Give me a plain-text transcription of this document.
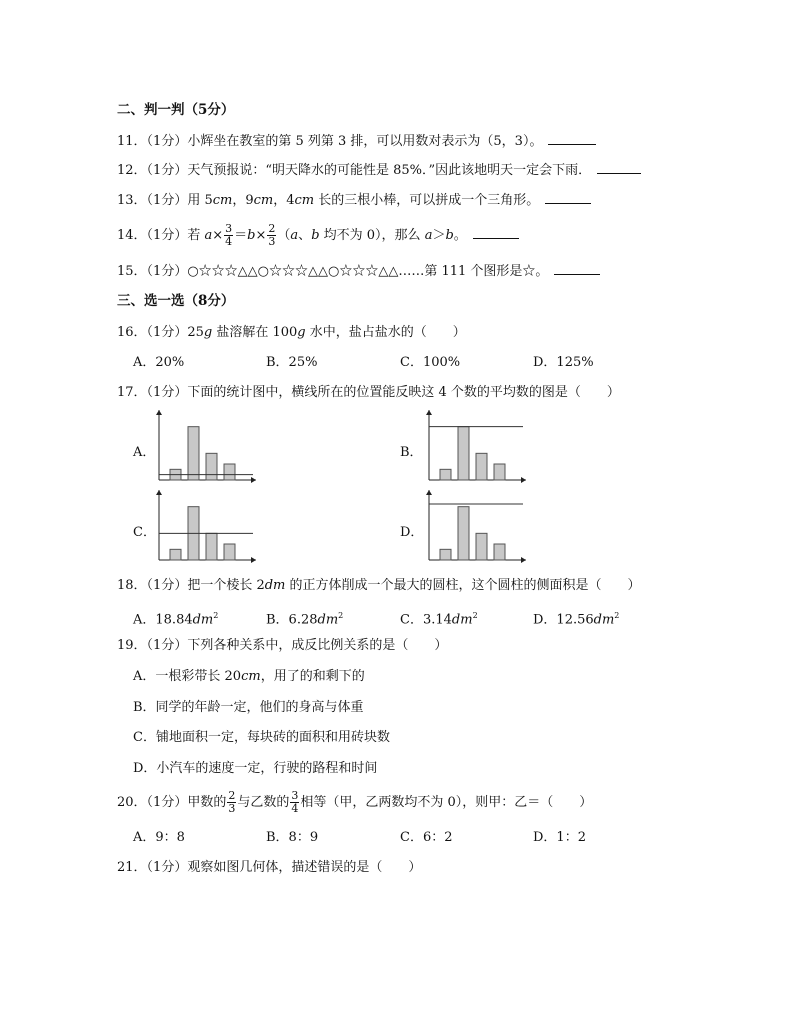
二、判一判（5分）
11．（1分）小辉坐在教室的第 5 列第 3 排，可以用数对表示为（5，3）。
12．（1分）天气预报说：“明天降水的可能性是 85%．”因此该地明天一定会下雨．
13．（1分）用 5cm，9cm，4cm 长的三根小棒，可以拼成一个三角形。
14．（1分）若 $a\times \frac{3}{4} =b\times \frac{2}{3} (a$、b 均不为 0），那么 a＞b。
15．（1分）○☆☆☆△△○☆☆☆△△○☆☆☆△△……第 111 个图形是☆。
三、选一选（8分）
16．（1分）25g 盐溶解在 100g 水中，盐占盐水的（　　）
A．20%	B．25%	C．100%	D．125%
17．（1分）下面的统计图中，横线所在的位置能反映这 4 个数的平均数的图是（　　）
A．	B．
C．	D．
18．（1分）把一个棱长 2dm 的正方体削成一个最大的圆柱，这个圆柱的侧面积是（　　）
A．$18.84dm^2$	B．$6.28dm^2$	C．$3.14dm^2$	D．$12.56dm^2$
19．（1分）下列各种关系中，成反比例关系的是（　　）
A．一根彩带长 20cm，用了的和剩下的
B．同学的年龄一定，他们的身高与体重
C．铺地面积一定，每块砖的面积和用砖块数
D．小汽车的速度一定，行驶的路程和时间
20．（1分）甲数的 $\frac{2}{3}$ 与乙数的 $\frac{3}{4}$ 相等（甲，乙两数均不为 0），则甲：乙＝（　　）
A．9：8	B．8：9	C．6：2	D．1：2
21．（1分）观察如图几何体，描述错误的是（　　）
